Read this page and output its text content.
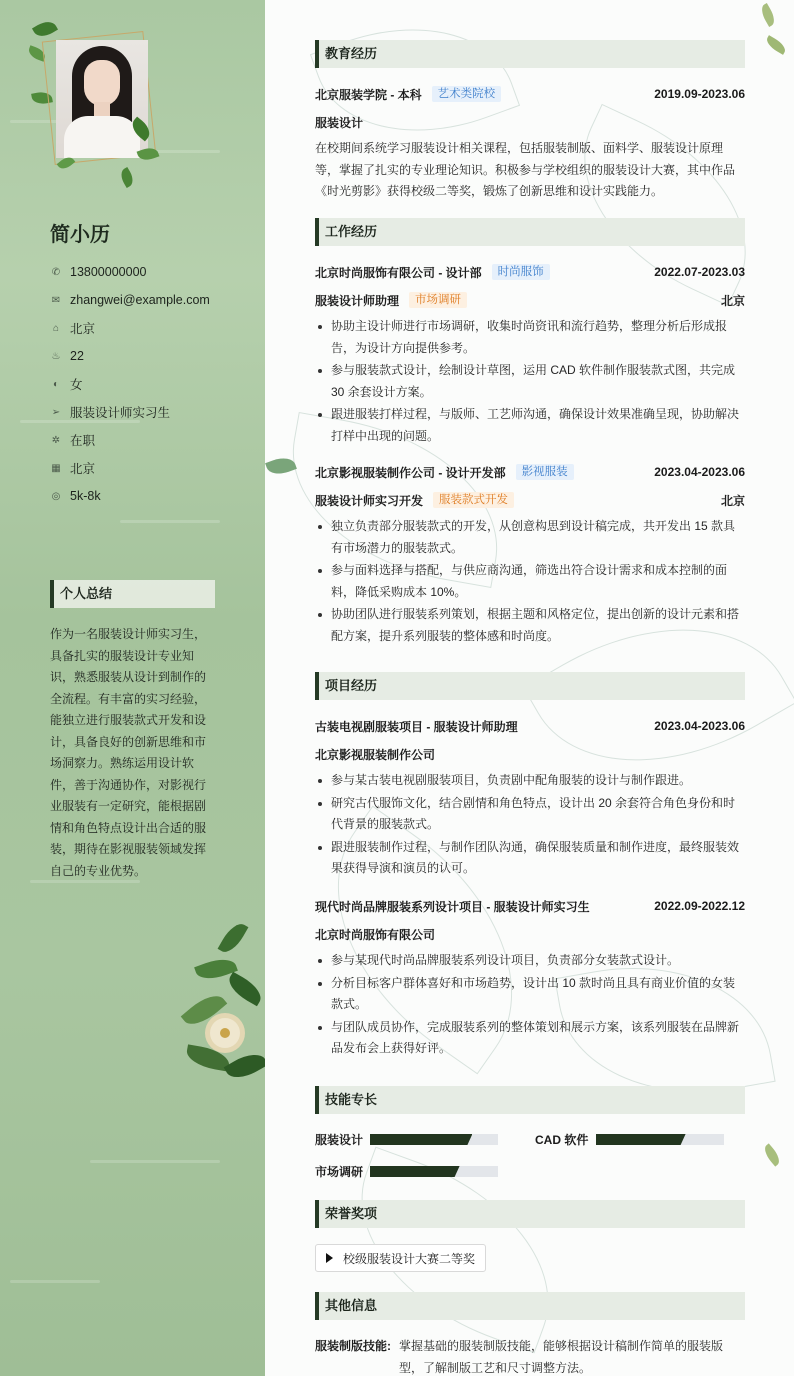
简小历
✆ 13800000000
✉ zhangwei@example.com
⌂ 北京
♨ 22
◐ 女
➢ 服装设计师实习生
✲ 在职
▦ 北京
◎ 5k-8k
个人总结

作为一名服装设计师实习生，具备扎实的服装设计专业知识，熟悉服装从设计到制作的全流程。有丰富的实习经验，能独立进行服装款式开发和设计，具备良好的创新思维和市场洞察力。熟练运用设计软件，善于沟通协作，对影视行业服装有一定研究，能根据剧情和角色特点设计出合适的服装，期待在影视服装领域发挥自己的专业优势。

教育经历
北京服装学院 - 本科	艺术类院校	2019.09-2023.06
服装设计

在校期间系统学习服装设计相关课程，包括服装制版、面料学、服装设计原理等，掌握了扎实的专业理论知识。积极参与学校组织的服装设计大赛，其中作品《时光剪影》获得校级二等奖，锻炼了创新思维和设计实践能力。

工作经历
北京时尚服饰有限公司 - 设计部	时尚服饰	2022.07-2023.03
服装设计师助理	市场调研	北京
协助主设计师进行市场调研，收集时尚资讯和流行趋势，整理分析后形成报告，为设计方向提供参考。
参与服装款式设计，绘制设计草图，运用 CAD 软件制作服装款式图，共完成 30 余套设计方案。
跟进服装打样过程，与版师、工艺师沟通，确保设计效果准确呈现，协助解决打样中出现的问题。
北京影视服装制作公司 - 设计开发部	影视服装	2023.04-2023.06
服装设计师实习开发	服装款式开发	北京
独立负责部分服装款式的开发，从创意构思到设计稿完成，共开发出 15 款具有市场潜力的服装款式。
参与面料选择与搭配，与供应商沟通，筛选出符合设计需求和成本控制的面料，降低采购成本 10%。
协助团队进行服装系列策划，根据主题和风格定位，提出创新的设计元素和搭配方案，提升系列服装的整体感和时尚度。
项目经历
古装电视剧服装项目 - 服装设计师助理	2023.04-2023.06
北京影视服装制作公司
参与某古装电视剧服装项目，负责剧中配角服装的设计与制作跟进。
研究古代服饰文化，结合剧情和角色特点，设计出 20 余套符合角色身份和时代背景的服装款式。
跟进服装制作过程，与制作团队沟通，确保服装质量和制作进度，最终服装效果获得导演和演员的认可。
现代时尚品牌服装系列设计项目 - 服装设计师实习生	2022.09-2022.12
北京时尚服饰有限公司
参与某现代时尚品牌服装系列设计项目，负责部分女装款式设计。
分析目标客户群体喜好和市场趋势，设计出 10 款时尚且具有商业价值的女装款式。
与团队成员协作，完成服装系列的整体策划和展示方案，该系列服装在品牌新品发布会上获得好评。
技能专长
服装设计	CAD 软件
市场调研
荣誉奖项
校级服装设计大赛二等奖
其他信息
服装制版技能: 掌握基础的服装制版技能，能够根据设计稿制作简单的服装版型，了解制版工艺和尺寸调整方法。
